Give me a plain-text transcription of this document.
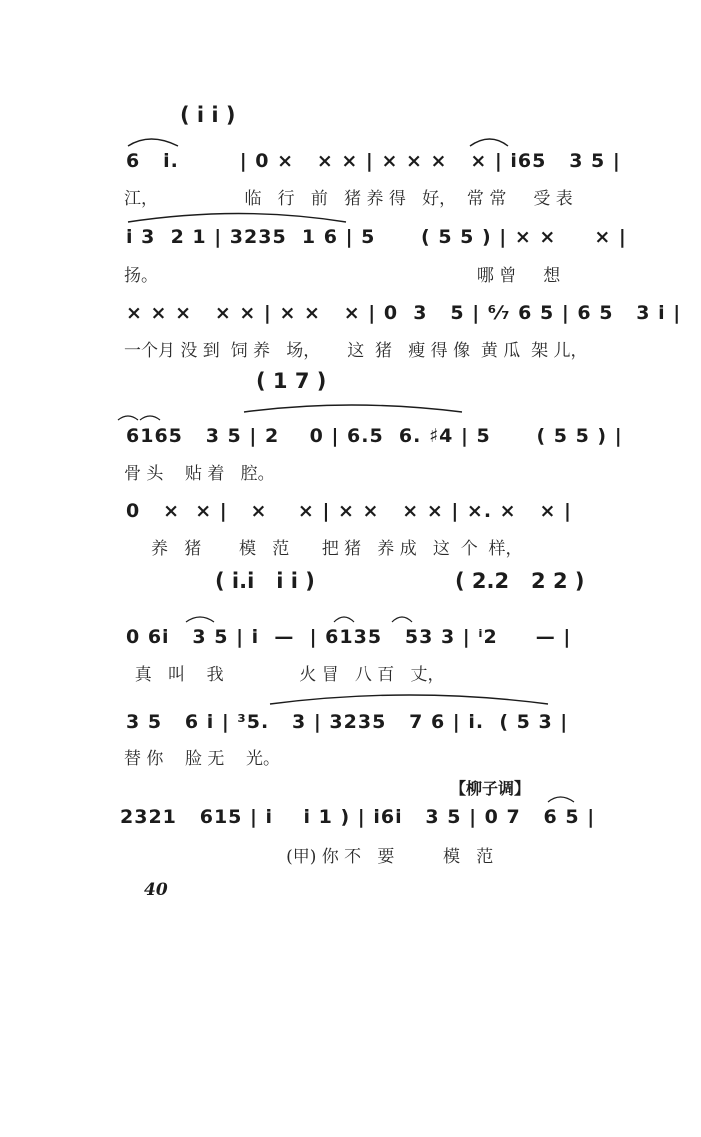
( i i )
6   i.        | 0 ×   × × | × × ×   × | i65   3 5 |
江，                临   行   前   猪 养 得   好，  常 常     受 表
i 3  2 1 | 3235  1 6 | 5      ( 5 5 ) | × ×     × |
扬。                                                           哪 曾     想
× × ×   × × | × ×   × | 0  3   5 | ⁶⁄₇ 6 5 | 6 5   3 i |
一个月 没 到  饲 养   场，     这  猪   瘦 得 像  黄 瓜  架 儿，
( 1 7 )
6165   3 5 | 2    0 | 6.5  6. ♯4 | 5      ( 5 5 ) |
骨 头    贴 着   腔。
0   ×  × |   ×    × | × ×   × × | ×. ×   × |
养   猪       模   范      把 猪   养 成   这  个  样，
( i.i   i i )	( 2.2   2 2 )
0 6i   3 5 | i  —  | 6135   53 3 | ⁱ2     — |
真   叫    我              火 冒   八 百   丈，
3 5   6 i | ³5.   3 | 3235   7 6 | i.  ( 5 3 |
替 你    脸 无    光。
【柳子调】
2321   615 | i    i 1 ) | i6i   3 5 | 0 7   6 5 |
(甲) 你 不   要         模   范
40
